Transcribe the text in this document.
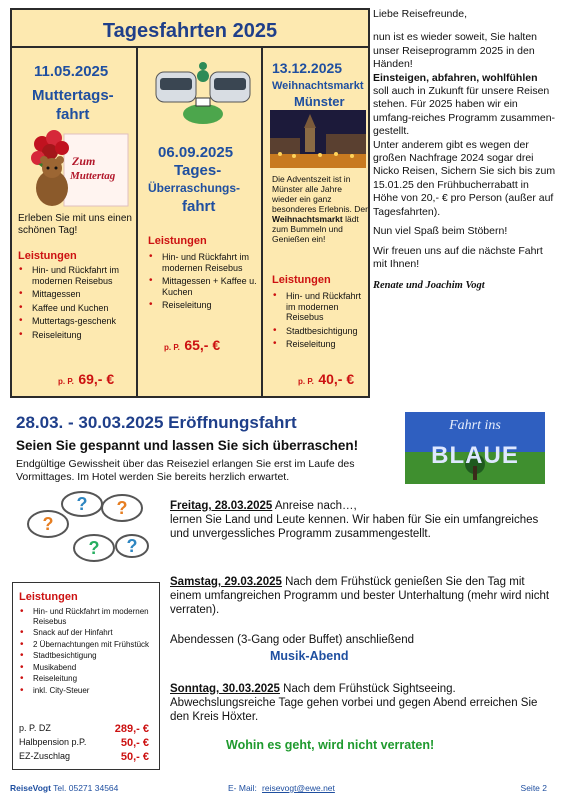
Tagesfahrten 2025
11.05.2025
Muttertags-
fahrt
Zum
Muttertag
Erleben Sie mit uns einen schönen Tag!
Leistungen
• Hin- und Rückfahrt im modernen Reisebus
• Mittagessen
• Kaffee und Kuchen
• Muttertags-geschenk
• Reiseleitung
p. P. 69,- €
06.09.2025
Tages-
Überraschungs-
fahrt
Leistungen
• Hin- und Rückfahrt im modernen Reisebus
• Mittagessen + Kaffee u. Kuchen
• Reiseleitung
p. P. 65,- €
13.12.2025
Weihnachtsmarkt
Münster
Die Adventszeit ist in Münster alle Jahre wieder ein ganz besonderes Erlebnis. Der Weihnachtsmarkt lädt zum Bummeln und Genießen ein!
Leistungen
• Hin- und Rückfahrt im modernen Reisebus
• Stadtbesichtigung
• Reiseleitung
p. P. 40,- €

Liebe Reisefreunde,

nun ist es wieder soweit, Sie halten unser Reiseprogramm 2025 in den Händen!

Einsteigen, abfahren, wohlfühlen soll auch in Zukunft für unsere Reisen stehen. Für 2025 haben wir ein umfang-reiches Programm zusammen-gestellt.

Unter anderem gibt es wegen der großen Nachfrage 2024 sogar drei Nicko Reisen, Sichern Sie sich bis zum 15.01.25 den Frühbucherrabatt in Höhe von 20,- € pro Person (außer auf Tagesfahrten).

Nun viel Spaß beim Stöbern!

Wir freuen uns auf die nächste Fahrt mit Ihnen!

Renate und Joachim Vogt

28.03. - 30.03.2025 Eröffnungsfahrt
Seien Sie gespannt und lassen Sie sich überraschen!
Endgültige Gewissheit über das Reiseziel erlangen Sie erst im Laufe des Vormittages. Im Hotel werden Sie bereits herzlich erwartet.
Fahrt ins
BLAUE
?
? ?
? ?
Leistungen
• Hin- und Rückfahrt im modernen Reisebus
• Snack auf der Hinfahrt
• 2 Übernachtungen mit Frühstück
• Stadtbesichtigung
• Musikabend
• Reiseleitung
• inkl. City-Steuer
p. P. DZ	289,- €
Halbpension p.P.	50,- €
EZ-Zuschlag	50,- €
Freitag, 28.03.2025 Anreise nach…,
lernen Sie Land und Leute kennen. Wir haben für Sie ein umfangreiches und unvergessliches Programm zusammengestellt.
Samstag, 29.03.2025 Nach dem Frühstück genießen Sie den Tag mit einem umfangreichen Programm und bester Unterhaltung (mehr wird nicht verraten).
Abendessen (3-Gang oder Buffet) anschließend
Musik-Abend
Sonntag, 30.03.2025 Nach dem Frühstück Sightseeing. Abwechslungsreiche Tage gehen vorbei und gegen Abend erreichen Sie den Kreis Höxter.
Wohin es geht, wird nicht verraten!
ReiseVogt Tel. 05271 34564	E- Mail: reisevogt@ewe.net	Seite 2
